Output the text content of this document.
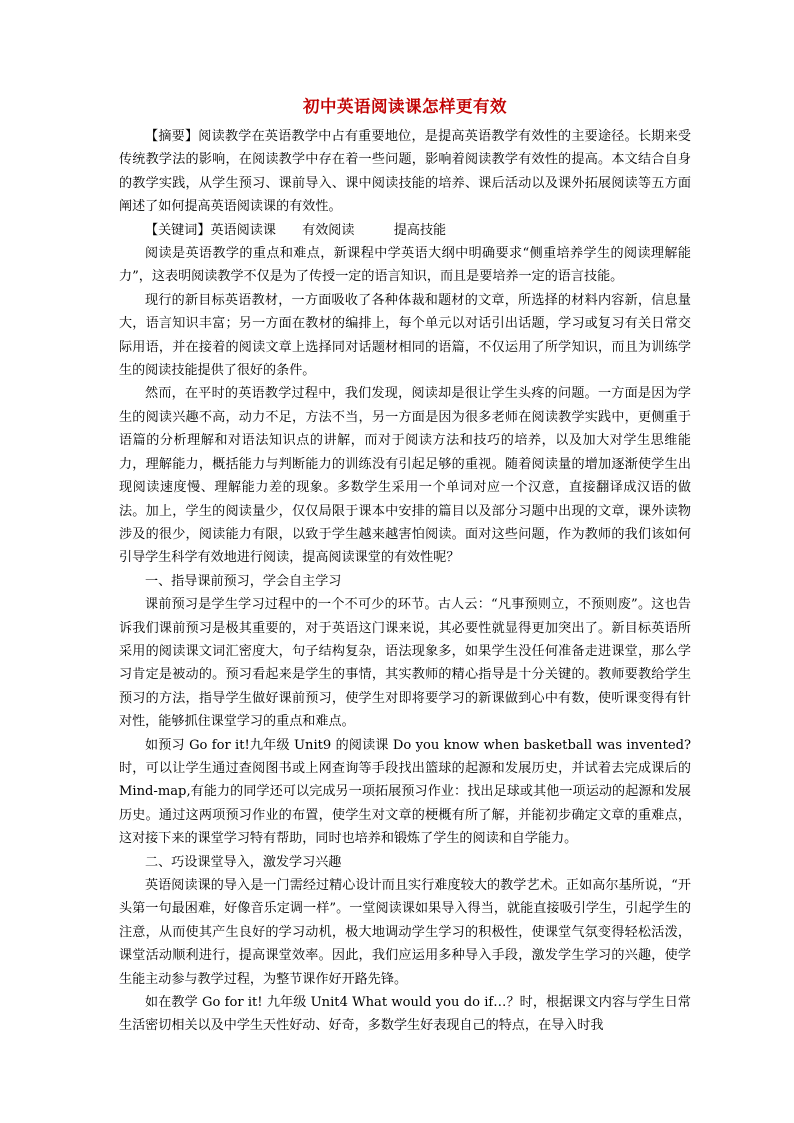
初中英语阅读课怎样更有效

【摘要】阅读教学在英语教学中占有重要地位，是提高英语教学有效性的主要途径。长期来受传统教学法的影响，在阅读教学中存在着一些问题，影响着阅读教学有效性的提高。本文结合自身的教学实践，从学生预习、课前导入、课中阅读技能的培养、课后活动以及课外拓展阅读等五方面阐述了如何提高英语阅读课的有效性。

【关键词】英语阅读课　　有效阅读　　　提高技能

阅读是英语教学的重点和难点，新课程中学英语大纲中明确要求“侧重培养学生的阅读理解能力”，这表明阅读教学不仅是为了传授一定的语言知识，而且是要培养一定的语言技能。

现行的新目标英语教材，一方面吸收了各种体裁和题材的文章，所选择的材料内容新，信息量大，语言知识丰富；另一方面在教材的编排上，每个单元以对话引出话题，学习或复习有关日常交际用语，并在接着的阅读文章上选择同对话题材相同的语篇，不仅运用了所学知识，而且为训练学生的阅读技能提供了很好的条件。

然而，在平时的英语教学过程中，我们发现，阅读却是很让学生头疼的问题。一方面是因为学生的阅读兴趣不高，动力不足，方法不当，另一方面是因为很多老师在阅读教学实践中，更侧重于语篇的分析理解和对语法知识点的讲解，而对于阅读方法和技巧的培养，以及加大对学生思维能力，理解能力，概括能力与判断能力的训练没有引起足够的重视。随着阅读量的增加逐渐使学生出现阅读速度慢、理解能力差的现象。多数学生采用一个单词对应一个汉意，直接翻译成汉语的做法。加上，学生的阅读量少，仅仅局限于课本中安排的篇目以及部分习题中出现的文章，课外读物涉及的很少，阅读能力有限，以致于学生越来越害怕阅读。面对这些问题，作为教师的我们该如何引导学生科学有效地进行阅读，提高阅读课堂的有效性呢？

一、指导课前预习，学会自主学习

课前预习是学生学习过程中的一个不可少的环节。古人云：“凡事预则立，不预则废”。这也告诉我们课前预习是极其重要的，对于英语这门课来说，其必要性就显得更加突出了。新目标英语所采用的阅读课文词汇密度大，句子结构复杂，语法现象多，如果学生没任何准备走进课堂，那么学习肯定是被动的。预习看起来是学生的事情，其实教师的精心指导是十分关键的。教师要教给学生预习的方法，指导学生做好课前预习，使学生对即将要学习的新课做到心中有数，使听课变得有针对性，能够抓住课堂学习的重点和难点。

如预习 Go for it!九年级 Unit9 的阅读课 Do you know when basketball was invented?时，可以让学生通过查阅图书或上网查询等手段找出篮球的起源和发展历史，并试着去完成课后的 Mind-map,有能力的同学还可以完成另一项拓展预习作业：找出足球或其他一项运动的起源和发展历史。通过这两项预习作业的布置，使学生对文章的梗概有所了解，并能初步确定文章的重难点，这对接下来的课堂学习特有帮助，同时也培养和锻炼了学生的阅读和自学能力。

二、巧设课堂导入，激发学习兴趣

英语阅读课的导入是一门需经过精心设计而且实行难度较大的教学艺术。正如高尔基所说，“开头第一句最困难，好像音乐定调一样”。一堂阅读课如果导入得当，就能直接吸引学生，引起学生的注意，从而使其产生良好的学习动机，极大地调动学生学习的积极性，使课堂气氛变得轻松活泼，课堂活动顺利进行，提高课堂效率。因此，我们应运用多种导入手段，激发学生学习的兴趣，使学生能主动参与教学过程，为整节课作好开路先锋。

如在教学 Go for it! 九年级 Unit4 What would you do if…？时，根据课文内容与学生日常生活密切相关以及中学生天性好动、好奇，多数学生好表现自己的特点，在导入时我
